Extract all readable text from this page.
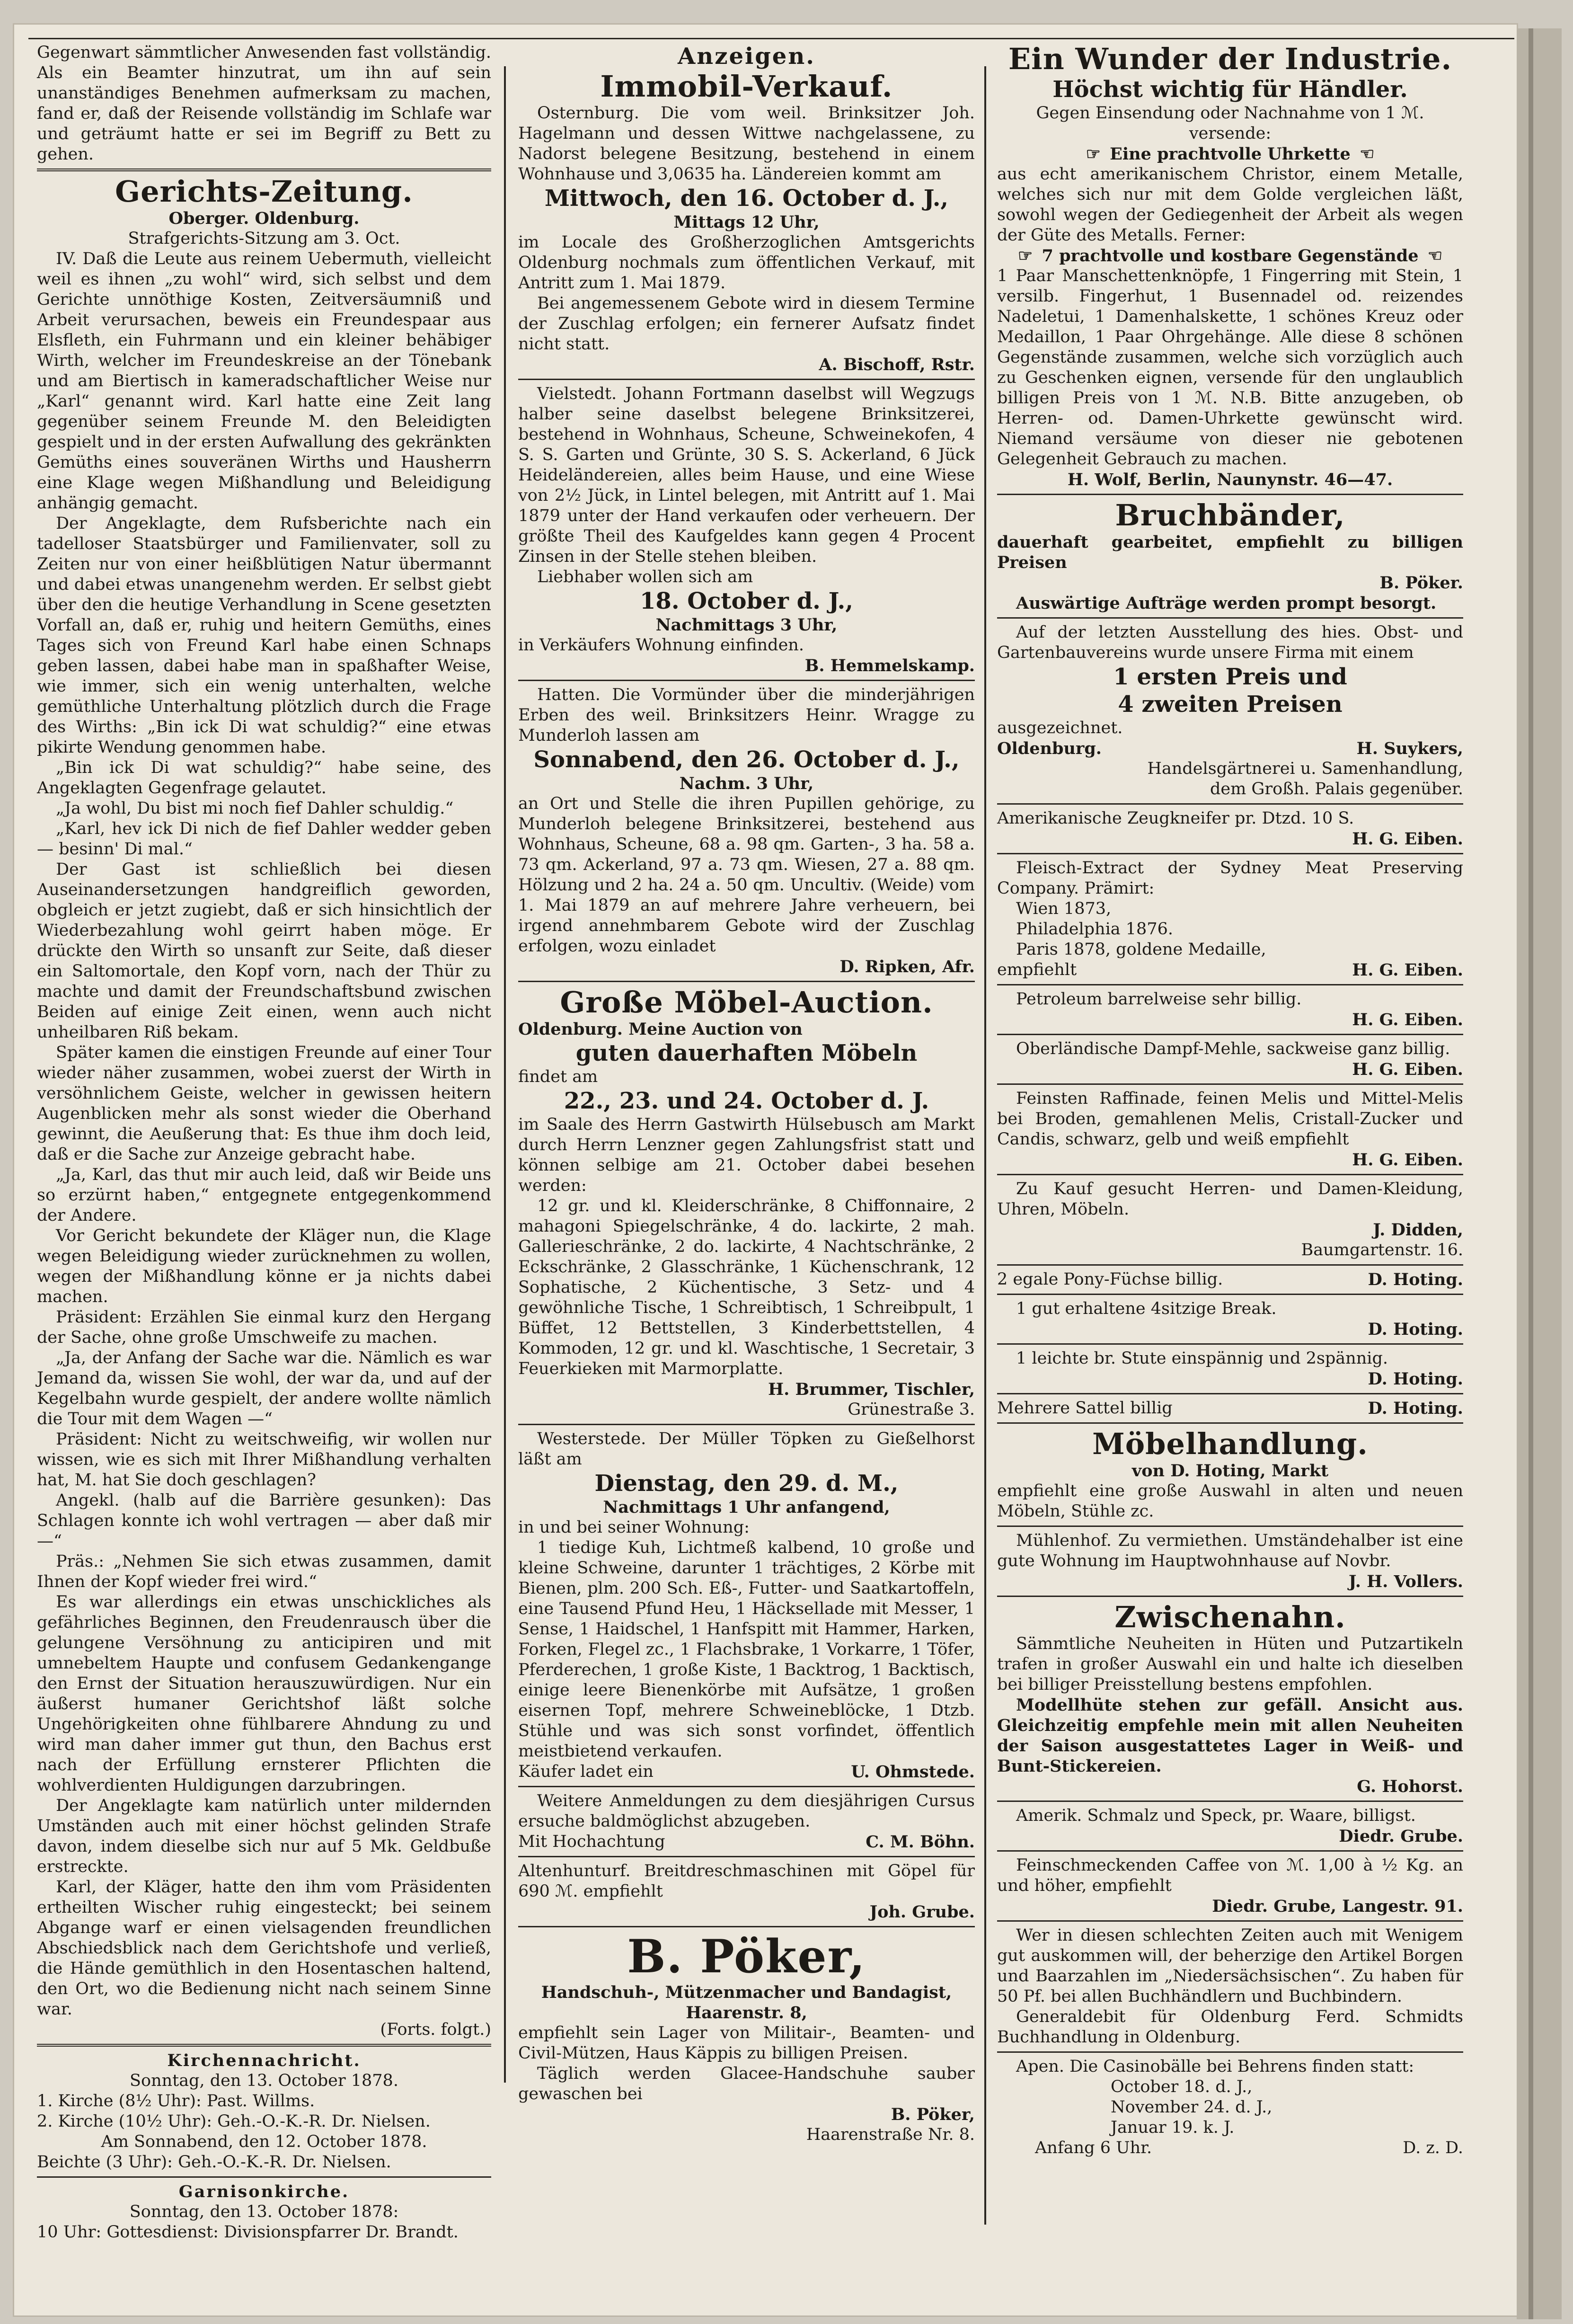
Gegenwart sämmtlicher Anwesenden fast vollständig. Als ein Beamter hinzutrat, um ihn auf sein unanständiges Benehmen aufmerksam zu machen, fand er, daß der Reisende vollständig im Schlafe war und geträumt hatte er sei im Begriff zu Bett zu gehen.

Gerichts-Zeitung.

Oberger. Oldenburg.

Strafgerichts-Sitzung am 3. Oct.

IV. Daß die Leute aus reinem Uebermuth, vielleicht weil es ihnen „zu wohl“ wird, sich selbst und dem Gerichte unnöthige Kosten, Zeitversäumniß und Arbeit verursachen, beweis ein Freundespaar aus Elsfleth, ein Fuhrmann und ein kleiner behäbiger Wirth, welcher im Freundeskreise an der Tönebank und am Biertisch in kameradschaftlicher Weise nur „Karl“ genannt wird. Karl hatte eine Zeit lang gegenüber seinem Freunde M. den Beleidigten gespielt und in der ersten Aufwallung des gekränkten Gemüths eines souveränen Wirths und Hausherrn eine Klage wegen Mißhandlung und Beleidigung anhängig gemacht.

Der Angeklagte, dem Rufsberichte nach ein tadelloser Staatsbürger und Familienvater, soll zu Zeiten nur von einer heißblütigen Natur übermannt und dabei etwas unangenehm werden. Er selbst giebt über den die heutige Verhandlung in Scene gesetzten Vorfall an, daß er, ruhig und heitern Gemüths, eines Tages sich von Freund Karl habe einen Schnaps geben lassen, dabei habe man in spaßhafter Weise, wie immer, sich ein wenig unterhalten, welche gemüthliche Unterhaltung plötzlich durch die Frage des Wirths: „Bin ick Di wat schuldig?“ eine etwas pikirte Wendung genommen habe.

„Bin ick Di wat schuldig?“ habe seine, des Angeklagten Gegenfrage gelautet.

„Ja wohl, Du bist mi noch fief Dahler schuldig.“

„Karl, hev ick Di nich de fief Dahler wedder geben — besinn' Di mal.“

Der Gast ist schließlich bei diesen Auseinandersetzungen handgreiflich geworden, obgleich er jetzt zugiebt, daß er sich hinsichtlich der Wiederbezahlung wohl geirrt haben möge. Er drückte den Wirth so unsanft zur Seite, daß dieser ein Saltomortale, den Kopf vorn, nach der Thür zu machte und damit der Freundschaftsbund zwischen Beiden auf einige Zeit einen, wenn auch nicht unheilbaren Riß bekam.

Später kamen die einstigen Freunde auf einer Tour wieder näher zusammen, wobei zuerst der Wirth in versöhnlichem Geiste, welcher in gewissen heitern Augenblicken mehr als sonst wieder die Oberhand gewinnt, die Aeußerung that: Es thue ihm doch leid, daß er die Sache zur Anzeige gebracht habe.

„Ja, Karl, das thut mir auch leid, daß wir Beide uns so erzürnt haben,“ entgegnete entgegenkommend der Andere.

Vor Gericht bekundete der Kläger nun, die Klage wegen Beleidigung wieder zurücknehmen zu wollen, wegen der Mißhandlung könne er ja nichts dabei machen.

Präsident: Erzählen Sie einmal kurz den Hergang der Sache, ohne große Umschweife zu machen.

„Ja, der Anfang der Sache war die. Nämlich es war Jemand da, wissen Sie wohl, der war da, und auf der Kegelbahn wurde gespielt, der andere wollte nämlich die Tour mit dem Wagen —“

Präsident: Nicht zu weitschweifig, wir wollen nur wissen, wie es sich mit Ihrer Mißhandlung verhalten hat, M. hat Sie doch geschlagen?

Angekl. (halb auf die Barrière gesunken): Das Schlagen konnte ich wohl vertragen — aber daß mir —“

Präs.: „Nehmen Sie sich etwas zusammen, damit Ihnen der Kopf wieder frei wird.“

Es war allerdings ein etwas unschickliches als gefährliches Beginnen, den Freudenrausch über die gelungene Versöhnung zu anticipiren und mit umnebeltem Haupte und confusem Gedankengange den Ernst der Situation herauszuwürdigen. Nur ein äußerst humaner Gerichtshof läßt solche Ungehörigkeiten ohne fühlbarere Ahndung zu und wird man daher immer gut thun, den Bachus erst nach der Erfüllung ernsterer Pflichten die wohlverdienten Huldigungen darzubringen.

Der Angeklagte kam natürlich unter mildernden Umständen auch mit einer höchst gelinden Strafe davon, indem dieselbe sich nur auf 5 Mk. Geldbuße erstreckte.

Karl, der Kläger, hatte den ihm vom Präsidenten ertheilten Wischer ruhig eingesteckt; bei seinem Abgange warf er einen vielsagenden freundlichen Abschiedsblick nach dem Gerichtshofe und verließ, die Hände gemüthlich in den Hosentaschen haltend, den Ort, wo die Bedienung nicht nach seinem Sinne war.

(Forts. folgt.)

Kirchennachricht.

Sonntag, den 13. October 1878.

1. Kirche (8½ Uhr): Past. Willms.

2. Kirche (10½ Uhr): Geh.-O.-K.-R. Dr. Nielsen.

Am Sonnabend, den 12. October 1878.

Beichte (3 Uhr): Geh.-O.-K.-R. Dr. Nielsen.

Garnisonkirche.

Sonntag, den 13. October 1878:

10 Uhr: Gottesdienst: Divisionspfarrer Dr. Brandt.

Anzeigen.
Immobil-Verkauf.

Osternburg. Die vom weil. Brinksitzer Joh. Hagelmann und dessen Wittwe nachgelassene, zu Nadorst belegene Besitzung, bestehend in einem Wohnhause und 3,0635 ha. Ländereien kommt am

Mittwoch, den 16. October d. J.,

Mittags 12 Uhr,

im Locale des Großherzoglichen Amtsgerichts Oldenburg nochmals zum öffentlichen Verkauf, mit Antritt zum 1. Mai 1879.

Bei angemessenem Gebote wird in diesem Termine der Zuschlag erfolgen; ein fernerer Aufsatz findet nicht statt.

A. Bischoff, Rstr.

Vielstedt. Johann Fortmann daselbst will Wegzugs halber seine daselbst belegene Brinksitzerei, bestehend in Wohnhaus, Scheune, Schweinekofen, 4 S. S. Garten und Grünte, 30 S. S. Ackerland, 6 Jück Heideländereien, alles beim Hause, und eine Wiese von 2½ Jück, in Lintel belegen, mit Antritt auf 1. Mai 1879 unter der Hand verkaufen oder verheuern. Der größte Theil des Kaufgeldes kann gegen 4 Procent Zinsen in der Stelle stehen bleiben.

Liebhaber wollen sich am

18. October d. J.,

Nachmittags 3 Uhr,

in Verkäufers Wohnung einfinden.

B. Hemmelskamp.

Hatten. Die Vormünder über die minderjährigen Erben des weil. Brinksitzers Heinr. Wragge zu Munderloh lassen am

Sonnabend, den 26. October d. J.,

Nachm. 3 Uhr,

an Ort und Stelle die ihren Pupillen gehörige, zu Munderloh belegene Brinksitzerei, bestehend aus Wohnhaus, Scheune, 68 a. 98 qm. Garten-, 3 ha. 58 a. 73 qm. Ackerland, 97 a. 73 qm. Wiesen, 27 a. 88 qm. Hölzung und 2 ha. 24 a. 50 qm. Uncultiv. (Weide) vom 1. Mai 1879 an auf mehrere Jahre verheuern, bei irgend annehmbarem Gebote wird der Zuschlag erfolgen, wozu einladet

D. Ripken, Afr.

Große Möbel-Auction.

Oldenburg. Meine Auction von

guten dauerhaften Möbeln

findet am

22., 23. und 24. October d. J.

im Saale des Herrn Gastwirth Hülsebusch am Markt durch Herrn Lenzner gegen Zahlungsfrist statt und können selbige am 21. October dabei besehen werden:

12 gr. und kl. Kleiderschränke, 8 Chiffonnaire, 2 mahagoni Spiegelschränke, 4 do. lackirte, 2 mah. Gallerieschränke, 2 do. lackirte, 4 Nachtschränke, 2 Eckschränke, 2 Glasschränke, 1 Küchenschrank, 12 Sophatische, 2 Küchentische, 3 Setz- und 4 gewöhnliche Tische, 1 Schreibtisch, 1 Schreibpult, 1 Büffet, 12 Bettstellen, 3 Kinderbettstellen, 4 Kommoden, 12 gr. und kl. Waschtische, 1 Secretair, 3 Feuerkieken mit Marmorplatte.

H. Brummer, Tischler,

Grünestraße 3.

Westerstede. Der Müller Töpken zu Gießelhorst läßt am

Dienstag, den 29. d. M.,

Nachmittags 1 Uhr anfangend,

in und bei seiner Wohnung:

1 tiedige Kuh, Lichtmeß kalbend, 10 große und kleine Schweine, darunter 1 trächtiges, 2 Körbe mit Bienen, plm. 200 Sch. Eß-, Futter- und Saatkartoffeln, eine Tausend Pfund Heu, 1 Häcksellade mit Messer, 1 Sense, 1 Haidschel, 1 Hanfspitt mit Hammer, Harken, Forken, Flegel zc., 1 Flachsbrake, 1 Vorkarre, 1 Töfer, Pferderechen, 1 große Kiste, 1 Backtrog, 1 Backtisch, einige leere Bienenkörbe mit Aufsätze, 1 großen eisernen Topf, mehrere Schweineblöcke, 1 Dtzb. Stühle und was sich sonst vorfindet, öffentlich meistbietend verkaufen.

Käufer ladet ein	U. Ohmstede.

Weitere Anmeldungen zu dem diesjährigen Cursus ersuche baldmöglichst abzugeben.

Mit Hochachtung	C. M. Böhn.

Altenhunturf. Breitdreschmaschinen mit Göpel für 690 ℳ. empfiehlt

Joh. Grube.

B. Pöker,

Handschuh-, Mützenmacher und Bandagist, Haarenstr. 8,

empfiehlt sein Lager von Militair-, Beamten- und Civil-Mützen, Haus Käppis zu billigen Preisen.

Täglich werden Glacee-Handschuhe sauber gewaschen bei

B. Pöker,

Haarenstraße Nr. 8.

Ein Wunder der Industrie.

Höchst wichtig für Händler.

Gegen Einsendung oder Nachnahme von 1 ℳ. versende:

☞ Eine prachtvolle Uhrkette ☜

aus echt amerikanischem Christor, einem Metalle, welches sich nur mit dem Golde vergleichen läßt, sowohl wegen der Gediegenheit der Arbeit als wegen der Güte des Metalls. Ferner:

☞ 7 prachtvolle und kostbare Gegenstände ☜

1 Paar Manschettenknöpfe, 1 Fingerring mit Stein, 1 versilb. Fingerhut, 1 Busennadel od. reizendes Nadeletui, 1 Damenhalskette, 1 schönes Kreuz oder Medaillon, 1 Paar Ohrgehänge. Alle diese 8 schönen Gegenstände zusammen, welche sich vorzüglich auch zu Geschenken eignen, versende für den unglaublich billigen Preis von 1 ℳ. N.B. Bitte anzugeben, ob Herren- od. Damen-Uhrkette gewünscht wird. Niemand versäume von dieser nie gebotenen Gelegenheit Gebrauch zu machen.

H. Wolf, Berlin, Naunynstr. 46—47.

Bruchbänder,

dauerhaft gearbeitet, empfiehlt zu billigen Preisen

B. Pöker.

Auswärtige Aufträge werden prompt besorgt.

Auf der letzten Ausstellung des hies. Obst- und Gartenbauvereins wurde unsere Firma mit einem

1 ersten Preis und

4 zweiten Preisen

ausgezeichnet.

Oldenburg.	H. Suykers,

Handelsgärtnerei u. Samenhandlung,

dem Großh. Palais gegenüber.

Amerikanische Zeugkneifer pr. Dtzd. 10 S.

H. G. Eiben.

Fleisch-Extract der Sydney Meat Preserving Company. Prämirt:

Wien 1873,

Philadelphia 1876.

Paris 1878, goldene Medaille,

empfiehlt	H. G. Eiben.

Petroleum barrelweise sehr billig.

H. G. Eiben.

Oberländische Dampf-Mehle, sackweise ganz billig.

H. G. Eiben.

Feinsten Raffinade, feinen Melis und Mittel-Melis bei Broden, gemahlenen Melis, Cristall-Zucker und Candis, schwarz, gelb und weiß empfiehlt

H. G. Eiben.

Zu Kauf gesucht Herren- und Damen-Kleidung, Uhren, Möbeln.

J. Didden,

Baumgartenstr. 16.

2 egale Pony-Füchse billig.	D. Hoting.

1 gut erhaltene 4sitzige Break.

D. Hoting.

1 leichte br. Stute einspännig und 2spännig.

D. Hoting.

Mehrere Sattel billig	D. Hoting.
Möbelhandlung.

von D. Hoting, Markt

empfiehlt eine große Auswahl in alten und neuen Möbeln, Stühle zc.

Mühlenhof. Zu vermiethen. Umständehalber ist eine gute Wohnung im Hauptwohnhause auf Novbr.

J. H. Vollers.

Zwischenahn.

Sämmtliche Neuheiten in Hüten und Putzartikeln trafen in großer Auswahl ein und halte ich dieselben bei billiger Preisstellung bestens empfohlen.

Modellhüte stehen zur gefäll. Ansicht aus. Gleichzeitig empfehle mein mit allen Neuheiten der Saison ausgestattetes Lager in Weiß- und Bunt-Stickereien.

G. Hohorst.

Amerik. Schmalz und Speck, pr. Waare, billigst.

Diedr. Grube.

Feinschmeckenden Caffee von ℳ. 1,00 à ½ Kg. an und höher, empfiehlt

Diedr. Grube, Langestr. 91.

Wer in diesen schlechten Zeiten auch mit Wenigem gut auskommen will, der beherzige den Artikel Borgen und Baarzahlen im „Niedersächsischen“. Zu haben für 50 Pf. bei allen Buchhändlern und Buchbindern.

Generaldebit für Oldenburg Ferd. Schmidts Buchhandlung in Oldenburg.

Apen. Die Casinobälle bei Behrens finden statt:

October 18. d. J.,

November 24. d. J.,

Januar 19. k. J.

Anfang 6 Uhr.	D. z. D.
